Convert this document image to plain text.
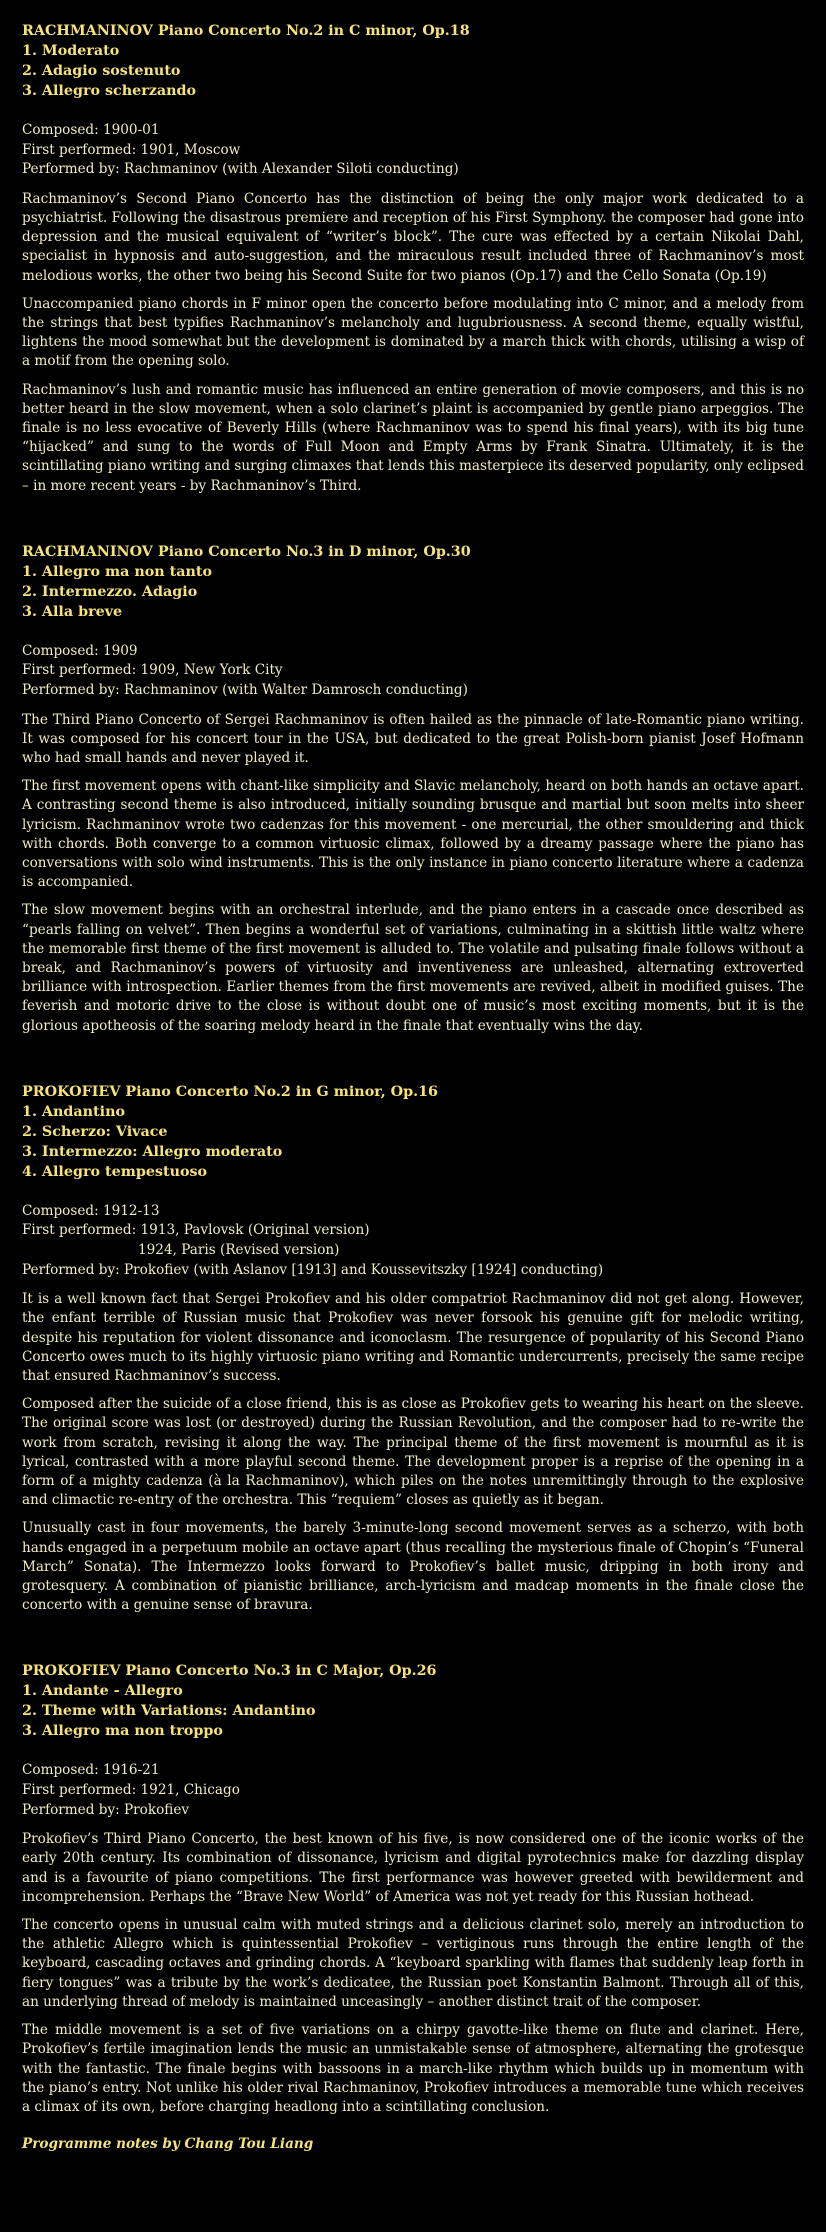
RACHMANINOV Piano Concerto No.2 in C minor, Op.18

1. Moderato

2. Adagio sostenuto

3. Allegro scherzando

Composed: 1900-01

First performed: 1901, Moscow

Performed by: Rachmaninov (with Alexander Siloti conducting)

Rachmaninov’s Second Piano Concerto has the distinction of being the only major work dedicated to a psychiatrist. Following the disastrous premiere and reception of his First Symphony. the composer had gone into depression and the musical equivalent of “writer’s block”. The cure was effected by a certain Nikolai Dahl, specialist in hypnosis and auto-suggestion, and the miraculous result included three of Rachmaninov’s most melodious works, the other two being his Second Suite for two pianos (Op.17) and the Cello Sonata (Op.19)

Unaccompanied piano chords in F minor open the concerto before modulating into C minor, and a melody from the strings that best typifies Rachmaninov’s melancholy and lugubriousness. A second theme, equally wistful, lightens the mood somewhat but the development is dominated by a march thick with chords, utilising a wisp of a motif from the opening solo.

Rachmaninov’s lush and romantic music has influenced an entire generation of movie composers, and this is no better heard in the slow movement, when a solo clarinet’s plaint is accompanied by gentle piano arpeggios. The finale is no less evocative of Beverly Hills (where Rachmaninov was to spend his final years), with its big tune “hijacked” and sung to the words of Full Moon and Empty Arms by Frank Sinatra. Ultimately, it is the scintillating piano writing and surging climaxes that lends this masterpiece its deserved popularity, only eclipsed – in more recent years - by Rachmaninov’s Third.

RACHMANINOV Piano Concerto No.3 in D minor, Op.30

1. Allegro ma non tanto

2. Intermezzo. Adagio

3. Alla breve

Composed: 1909

First performed: 1909, New York City

Performed by: Rachmaninov (with Walter Damrosch conducting)

The Third Piano Concerto of Sergei Rachmaninov is often hailed as the pinnacle of late-Romantic piano writing. It was composed for his concert tour in the USA, but dedicated to the great Polish-born pianist Josef Hofmann who had small hands and never played it.

The first movement opens with chant-like simplicity and Slavic melancholy, heard on both hands an octave apart. A contrasting second theme is also introduced, initially sounding brusque and martial but soon melts into sheer lyricism. Rachmaninov wrote two cadenzas for this movement - one mercurial, the other smouldering and thick with chords. Both converge to a common virtuosic climax, followed by a dreamy passage where the piano has conversations with solo wind instruments. This is the only instance in piano concerto literature where a cadenza is accompanied.

The slow movement begins with an orchestral interlude, and the piano enters in a cascade once described as “pearls falling on velvet”. Then begins a wonderful set of variations, culminating in a skittish little waltz where the memorable first theme of the first movement is alluded to. The volatile and pulsating finale follows without a break, and Rachmaninov’s powers of virtuosity and inventiveness are unleashed, alternating extroverted brilliance with introspection. Earlier themes from the first movements are revived, albeit in modified guises. The feverish and motoric drive to the close is without doubt one of music’s most exciting moments, but it is the glorious apotheosis of the soaring melody heard in the finale that eventually wins the day.

PROKOFIEV Piano Concerto No.2 in G minor, Op.16

1. Andantino

2. Scherzo: Vivace

3. Intermezzo: Allegro moderato

4. Allegro tempestuoso

Composed: 1912-13

First performed: 1913, Pavlovsk (Original version)

1924, Paris (Revised version)

Performed by: Prokofiev (with Aslanov [1913] and Koussevitszky [1924] conducting)

It is a well known fact that Sergei Prokofiev and his older compatriot Rachmaninov did not get along. However, the enfant terrible of Russian music that Prokofiev was never forsook his genuine gift for melodic writing, despite his reputation for violent dissonance and iconoclasm. The resurgence of popularity of his Second Piano Concerto owes much to its highly virtuosic piano writing and Romantic undercurrents, precisely the same recipe that ensured Rachmaninov’s success.

Composed after the suicide of a close friend, this is as close as Prokofiev gets to wearing his heart on the sleeve. The original score was lost (or destroyed) during the Russian Revolution, and the composer had to re-write the work from scratch, revising it along the way. The principal theme of the first movement is mournful as it is lyrical, contrasted with a more playful second theme. The development proper is a reprise of the opening in a form of a mighty cadenza (à la Rachmaninov), which piles on the notes unremittingly through to the explosive and climactic re-entry of the orchestra. This “requiem” closes as quietly as it began.

Unusually cast in four movements, the barely 3-minute-long second movement serves as a scherzo, with both hands engaged in a perpetuum mobile an octave apart (thus recalling the mysterious finale of Chopin’s “Funeral March” Sonata). The Intermezzo looks forward to Prokofiev’s ballet music, dripping in both irony and grotesquery. A combination of pianistic brilliance, arch-lyricism and madcap moments in the finale close the concerto with a genuine sense of bravura.

PROKOFIEV Piano Concerto No.3 in C Major, Op.26

1. Andante - Allegro

2. Theme with Variations: Andantino

3. Allegro ma non troppo

Composed: 1916-21

First performed: 1921, Chicago

Performed by: Prokofiev

Prokofiev’s Third Piano Concerto, the best known of his five, is now considered one of the iconic works of the early 20th century. Its combination of dissonance, lyricism and digital pyrotechnics make for dazzling display and is a favourite of piano competitions. The first performance was however greeted with bewilderment and incomprehension. Perhaps the “Brave New World” of America was not yet ready for this Russian hothead.

The concerto opens in unusual calm with muted strings and a delicious clarinet solo, merely an introduction to the athletic Allegro which is quintessential Prokofiev – vertiginous runs through the entire length of the keyboard, cascading octaves and grinding chords. A “keyboard sparkling with flames that suddenly leap forth in fiery tongues” was a tribute by the work’s dedicatee, the Russian poet Konstantin Balmont. Through all of this, an underlying thread of melody is maintained unceasingly – another distinct trait of the composer.

The middle movement is a set of five variations on a chirpy gavotte-like theme on flute and clarinet. Here, Prokofiev’s fertile imagination lends the music an unmistakable sense of atmosphere, alternating the grotesque with the fantastic. The finale begins with bassoons in a march-like rhythm which builds up in momentum with the piano’s entry. Not unlike his older rival Rachmaninov, Prokofiev introduces a memorable tune which receives a climax of its own, before charging headlong into a scintillating conclusion.

Programme notes by Chang Tou Liang
